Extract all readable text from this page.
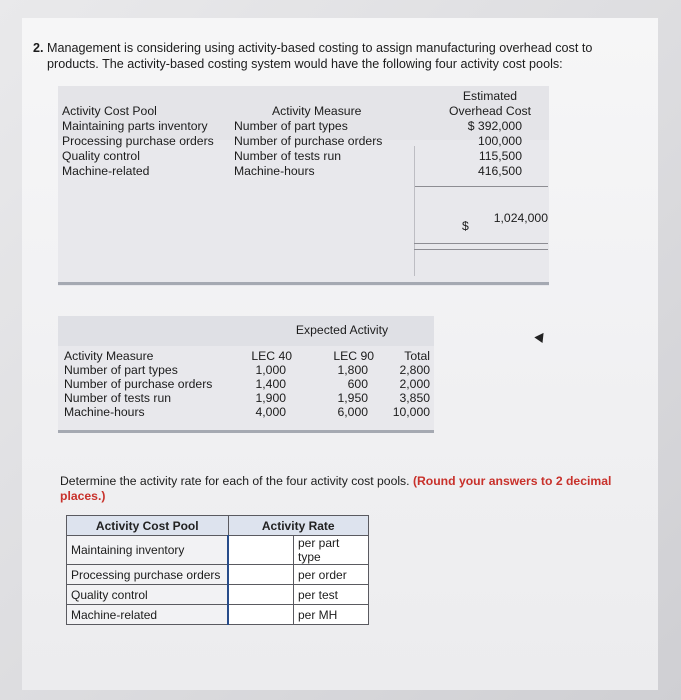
2. Management is considering using activity-based costing to assign manufacturing overhead cost to
products. The activity-based costing system would have the following four activity cost pools:
Activity Cost Pool	Activity Measure
Estimated
Overhead Cost
Maintaining parts inventory Number of part types	$ 392,000
Processing purchase orders Number of purchase orders	100,000
Quality control	Number of tests run	115,500
Machine-related	Machine-hours	416,500
$
1,024,000
Expected Activity
Activity Measure	LEC 40	LEC 90	Total
Number of part types	1,000	1,800	2,800
Number of purchase orders	1,400	600	2,000
Number of tests run	1,900	1,950	3,850
Machine-hours	4,000	6,000	10,000
Determine the activity rate for each of the four activity cost pools. (Round your answers to 2 decimal
places.)
Activity Cost Pool	Activity Rate	
Maintaining inventory		per part type
Processing purchase orders		per order
Quality control		per test
Machine-related		per MH
